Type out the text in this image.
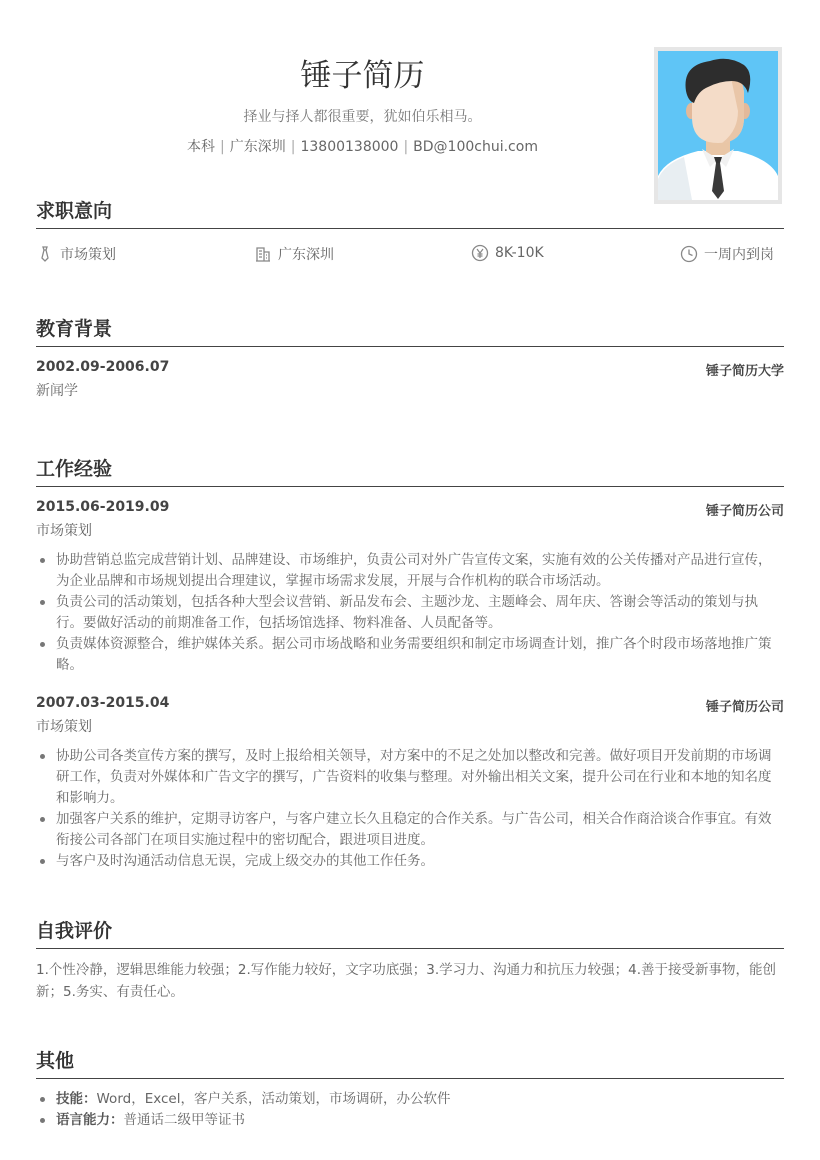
锤子简历
择业与择人都很重要，犹如伯乐相马。
本科 | 广东深圳 | 13800138000 | BD@100chui.com
求职意向
市场策划	广东深圳	8K-10K	一周内到岗
教育背景
2002.09-2006.07	锤子简历大学
新闻学
工作经验
2015.06-2019.09	锤子简历公司
市场策划
协助营销总监完成营销计划、品牌建设、市场维护，负责公司对外广告宣传文案，实施有效的公关传播对产品进行宣传，为企业品牌和市场规划提出合理建议，掌握市场需求发展，开展与合作机构的联合市场活动。
负责公司的活动策划，包括各种大型会议营销、新品发布会、主题沙龙、主题峰会、周年庆、答谢会等活动的策划与执行。要做好活动的前期准备工作，包括场馆选择、物料准备、人员配备等。
负责媒体资源整合，维护媒体关系。据公司市场战略和业务需要组织和制定市场调查计划，推广各个时段市场落地推广策略。
2007.03-2015.04	锤子简历公司
市场策划
协助公司各类宣传方案的撰写，及时上报给相关领导，对方案中的不足之处加以整改和完善。做好项目开发前期的市场调研工作，负责对外媒体和广告文字的撰写，广告资料的收集与整理。对外输出相关文案，提升公司在行业和本地的知名度和影响力。
加强客户关系的维护，定期寻访客户，与客户建立长久且稳定的合作关系。与广告公司，相关合作商洽谈合作事宜。有效衔接公司各部门在项目实施过程中的密切配合，跟进项目进度。
与客户及时沟通活动信息无误，完成上级交办的其他工作任务。
自我评价
1.个性冷静，逻辑思维能力较强；2.写作能力较好，文字功底强；3.学习力、沟通力和抗压力较强；4.善于接受新事物，能创新；5.务实、有责任心。
其他
技能：Word，Excel，客户关系，活动策划，市场调研，办公软件
语言能力：普通话二级甲等证书
